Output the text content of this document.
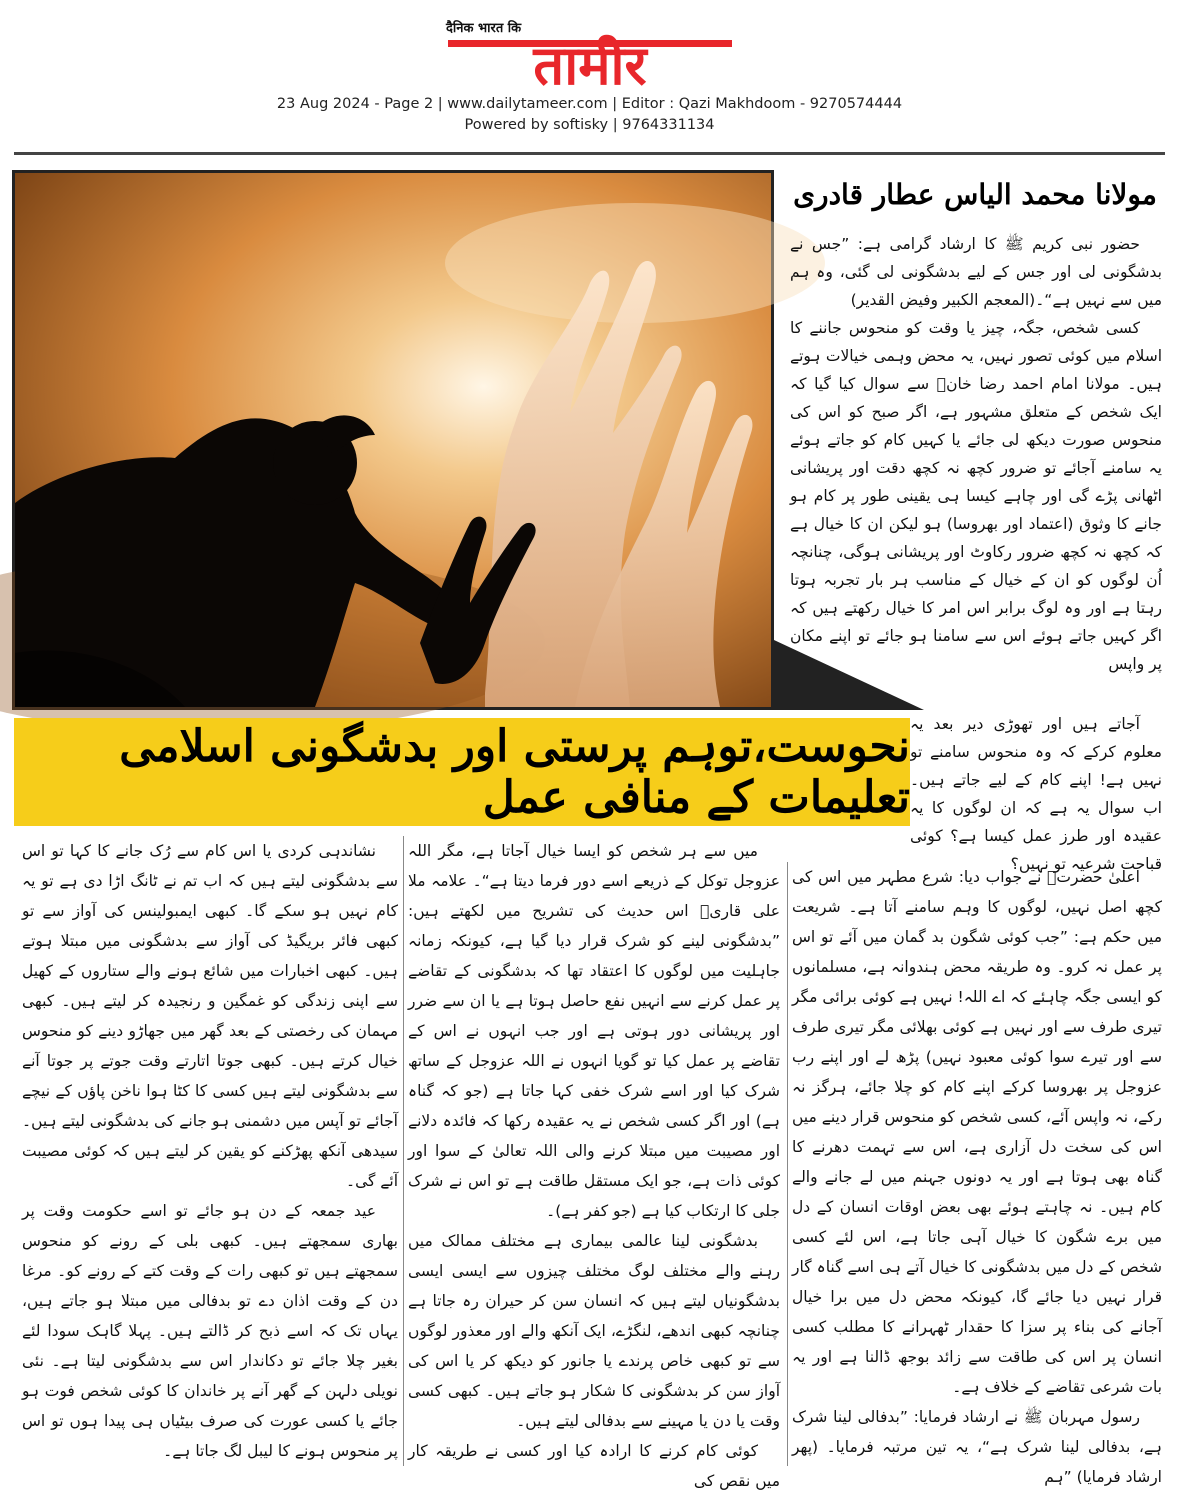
तामीर
दैनिक भारत कि
23 Aug 2024 - Page 2 | www.dailytameer.com | Editor : Qazi Makhdoom - 9270574444
Powered by softisky | 9764331134
مولانا محمد الیاس عطار قادری

حضور نبی کریم ﷺ کا ارشاد گرامی ہے: ”جس نے بدشگونی لی اور جس کے لیے بدشگونی لی گئی، وہ ہم میں سے نہیں ہے“۔(المعجم الکبیر وفیض القدیر)

کسی شخص، جگہ، چیز یا وقت کو منحوس جاننے کا اسلام میں کوئی تصور نہیں، یہ محض وہمی خیالات ہوتے ہیں۔ مولانا امام احمد رضا خانؒ سے سوال کیا گیا کہ ایک شخص کے متعلق مشہور ہے، اگر صبح کو اس کی منحوس صورت دیکھ لی جائے یا کہیں کام کو جاتے ہوئے یہ سامنے آجائے تو ضرور کچھ نہ کچھ دقت اور پریشانی اٹھانی پڑے گی اور چاہے کیسا ہی یقینی طور پر کام ہو جانے کا وثوق (اعتماد اور بھروسا) ہو لیکن ان کا خیال ہے کہ کچھ نہ کچھ ضرور رکاوٹ اور پریشانی ہوگی، چنانچہ اُن لوگوں کو ان کے خیال کے مناسب ہر بار تجربہ ہوتا رہتا ہے اور وہ لوگ برابر اس امر کا خیال رکھتے ہیں کہ اگر کہیں جاتے ہوئے اس سے سامنا ہو جائے تو اپنے مکان پر واپس

آجاتے ہیں اور تھوڑی دیر بعد یہ معلوم کرکے کہ وہ منحوس سامنے تو نہیں ہے! اپنے کام کے لیے جاتے ہیں۔ اب سوال یہ ہے کہ ان لوگوں کا یہ عقیدہ اور طرز عمل کیسا ہے؟ کوئی قباحت شرعیہ تو نہیں؟

نحوست،توہم پرستی اور بدشگونی اسلامی تعلیمات کے منافی عمل

اعلیٰ حضرتؒ نے جواب دیا: شرع مطہر میں اس کی کچھ اصل نہیں، لوگوں کا وہم سامنے آتا ہے۔ شریعت میں حکم ہے: ”جب کوئی شگون بد گمان میں آئے تو اس پر عمل نہ کرو۔ وہ طریقہ محض ہندوانہ ہے، مسلمانوں کو ایسی جگہ چاہئے کہ اے اللہ! نہیں ہے کوئی برائی مگر تیری طرف سے اور نہیں ہے کوئی بھلائی مگر تیری طرف سے اور تیرے سوا کوئی معبود نہیں) پڑھ لے اور اپنے رب عزوجل پر بھروسا کرکے اپنے کام کو چلا جائے، ہرگز نہ رکے، نہ واپس آئے، کسی شخص کو منحوس قرار دینے میں اس کی سخت دل آزاری ہے، اس سے تہمت دھرنے کا گناہ بھی ہوتا ہے اور یہ دونوں جہنم میں لے جانے والے کام ہیں۔ نہ چاہتے ہوئے بھی بعض اوقات انسان کے دل میں برے شگون کا خیال آہی جاتا ہے، اس لئے کسی شخص کے دل میں بدشگونی کا خیال آتے ہی اسے گناہ گار قرار نہیں دیا جائے گا، کیونکہ محض دل میں برا خیال آجانے کی بناء پر سزا کا حقدار ٹھہرانے کا مطلب کسی انسان پر اس کی طاقت سے زائد بوجھ ڈالنا ہے اور یہ بات شرعی تقاضے کے خلاف ہے۔

رسول مہربان ﷺ نے ارشاد فرمایا: ”بدفالی لینا شرک ہے، بدفالی لینا شرک ہے“، یہ تین مرتبہ فرمایا۔ (پھر ارشاد فرمایا) ”ہم

میں سے ہر شخص کو ایسا خیال آجاتا ہے، مگر اللہ عزوجل توکل کے ذریعے اسے دور فرما دیتا ہے“۔ علامہ ملا علی قاریؒ اس حدیث کی تشریح میں لکھتے ہیں: ”بدشگونی لینے کو شرک قرار دیا گیا ہے، کیونکہ زمانہ جاہلیت میں لوگوں کا اعتقاد تھا کہ بدشگونی کے تقاضے پر عمل کرنے سے انہیں نفع حاصل ہوتا ہے یا ان سے ضرر اور پریشانی دور ہوتی ہے اور جب انہوں نے اس کے تقاضے پر عمل کیا تو گویا انہوں نے اللہ عزوجل کے ساتھ شرک کیا اور اسے شرک خفی کہا جاتا ہے (جو کہ گناہ ہے) اور اگر کسی شخص نے یہ عقیدہ رکھا کہ فائدہ دلانے اور مصیبت میں مبتلا کرنے والی اللہ تعالیٰ کے سوا اور کوئی ذات ہے، جو ایک مستقل طاقت ہے تو اس نے شرک جلی کا ارتکاب کیا ہے (جو کفر ہے)۔

بدشگونی لینا عالمی بیماری ہے مختلف ممالک میں رہنے والے مختلف لوگ مختلف چیزوں سے ایسی ایسی بدشگونیاں لیتے ہیں کہ انسان سن کر حیران رہ جاتا ہے چنانچہ کبھی اندھے، لنگڑے، ایک آنکھ والے اور معذور لوگوں سے تو کبھی خاص پرندے یا جانور کو دیکھ کر یا اس کی آواز سن کر بدشگونی کا شکار ہو جاتے ہیں۔ کبھی کسی وقت یا دن یا مہینے سے بدفالی لیتے ہیں۔

کوئی کام کرنے کا ارادہ کیا اور کسی نے طریقہ کار میں نقص کی

نشاندہی کردی یا اس کام سے رُک جانے کا کہا تو اس سے بدشگونی لیتے ہیں کہ اب تم نے ٹانگ اڑا دی ہے تو یہ کام نہیں ہو سکے گا۔ کبھی ایمبولینس کی آواز سے تو کبھی فائر بریگیڈ کی آواز سے بدشگونی میں مبتلا ہوتے ہیں۔ کبھی اخبارات میں شائع ہونے والے ستاروں کے کھیل سے اپنی زندگی کو غمگین و رنجیدہ کر لیتے ہیں۔ کبھی مہمان کی رخصتی کے بعد گھر میں جھاڑو دینے کو منحوس خیال کرتے ہیں۔ کبھی جوتا اتارتے وقت جوتے پر جوتا آنے سے بدشگونی لیتے ہیں کسی کا کٹا ہوا ناخن پاؤں کے نیچے آجائے تو آپس میں دشمنی ہو جانے کی بدشگونی لیتے ہیں۔ سیدھی آنکھ پھڑکنے کو یقین کر لیتے ہیں کہ کوئی مصیبت آئے گی۔

عید جمعہ کے دن ہو جائے تو اسے حکومت وقت پر بھاری سمجھتے ہیں۔ کبھی بلی کے رونے کو منحوس سمجھتے ہیں تو کبھی رات کے وقت کتے کے رونے کو۔ مرغا دن کے وقت اذان دے تو بدفالی میں مبتلا ہو جاتے ہیں، یہاں تک کہ اسے ذبح کر ڈالتے ہیں۔ پہلا گاہک سودا لئے بغیر چلا جائے تو دکاندار اس سے بدشگونی لیتا ہے۔ نئی نویلی دلہن کے گھر آنے پر خاندان کا کوئی شخص فوت ہو جائے یا کسی عورت کی صرف بیٹیاں ہی پیدا ہوں تو اس پر منحوس ہونے کا لیبل لگ جاتا ہے۔
